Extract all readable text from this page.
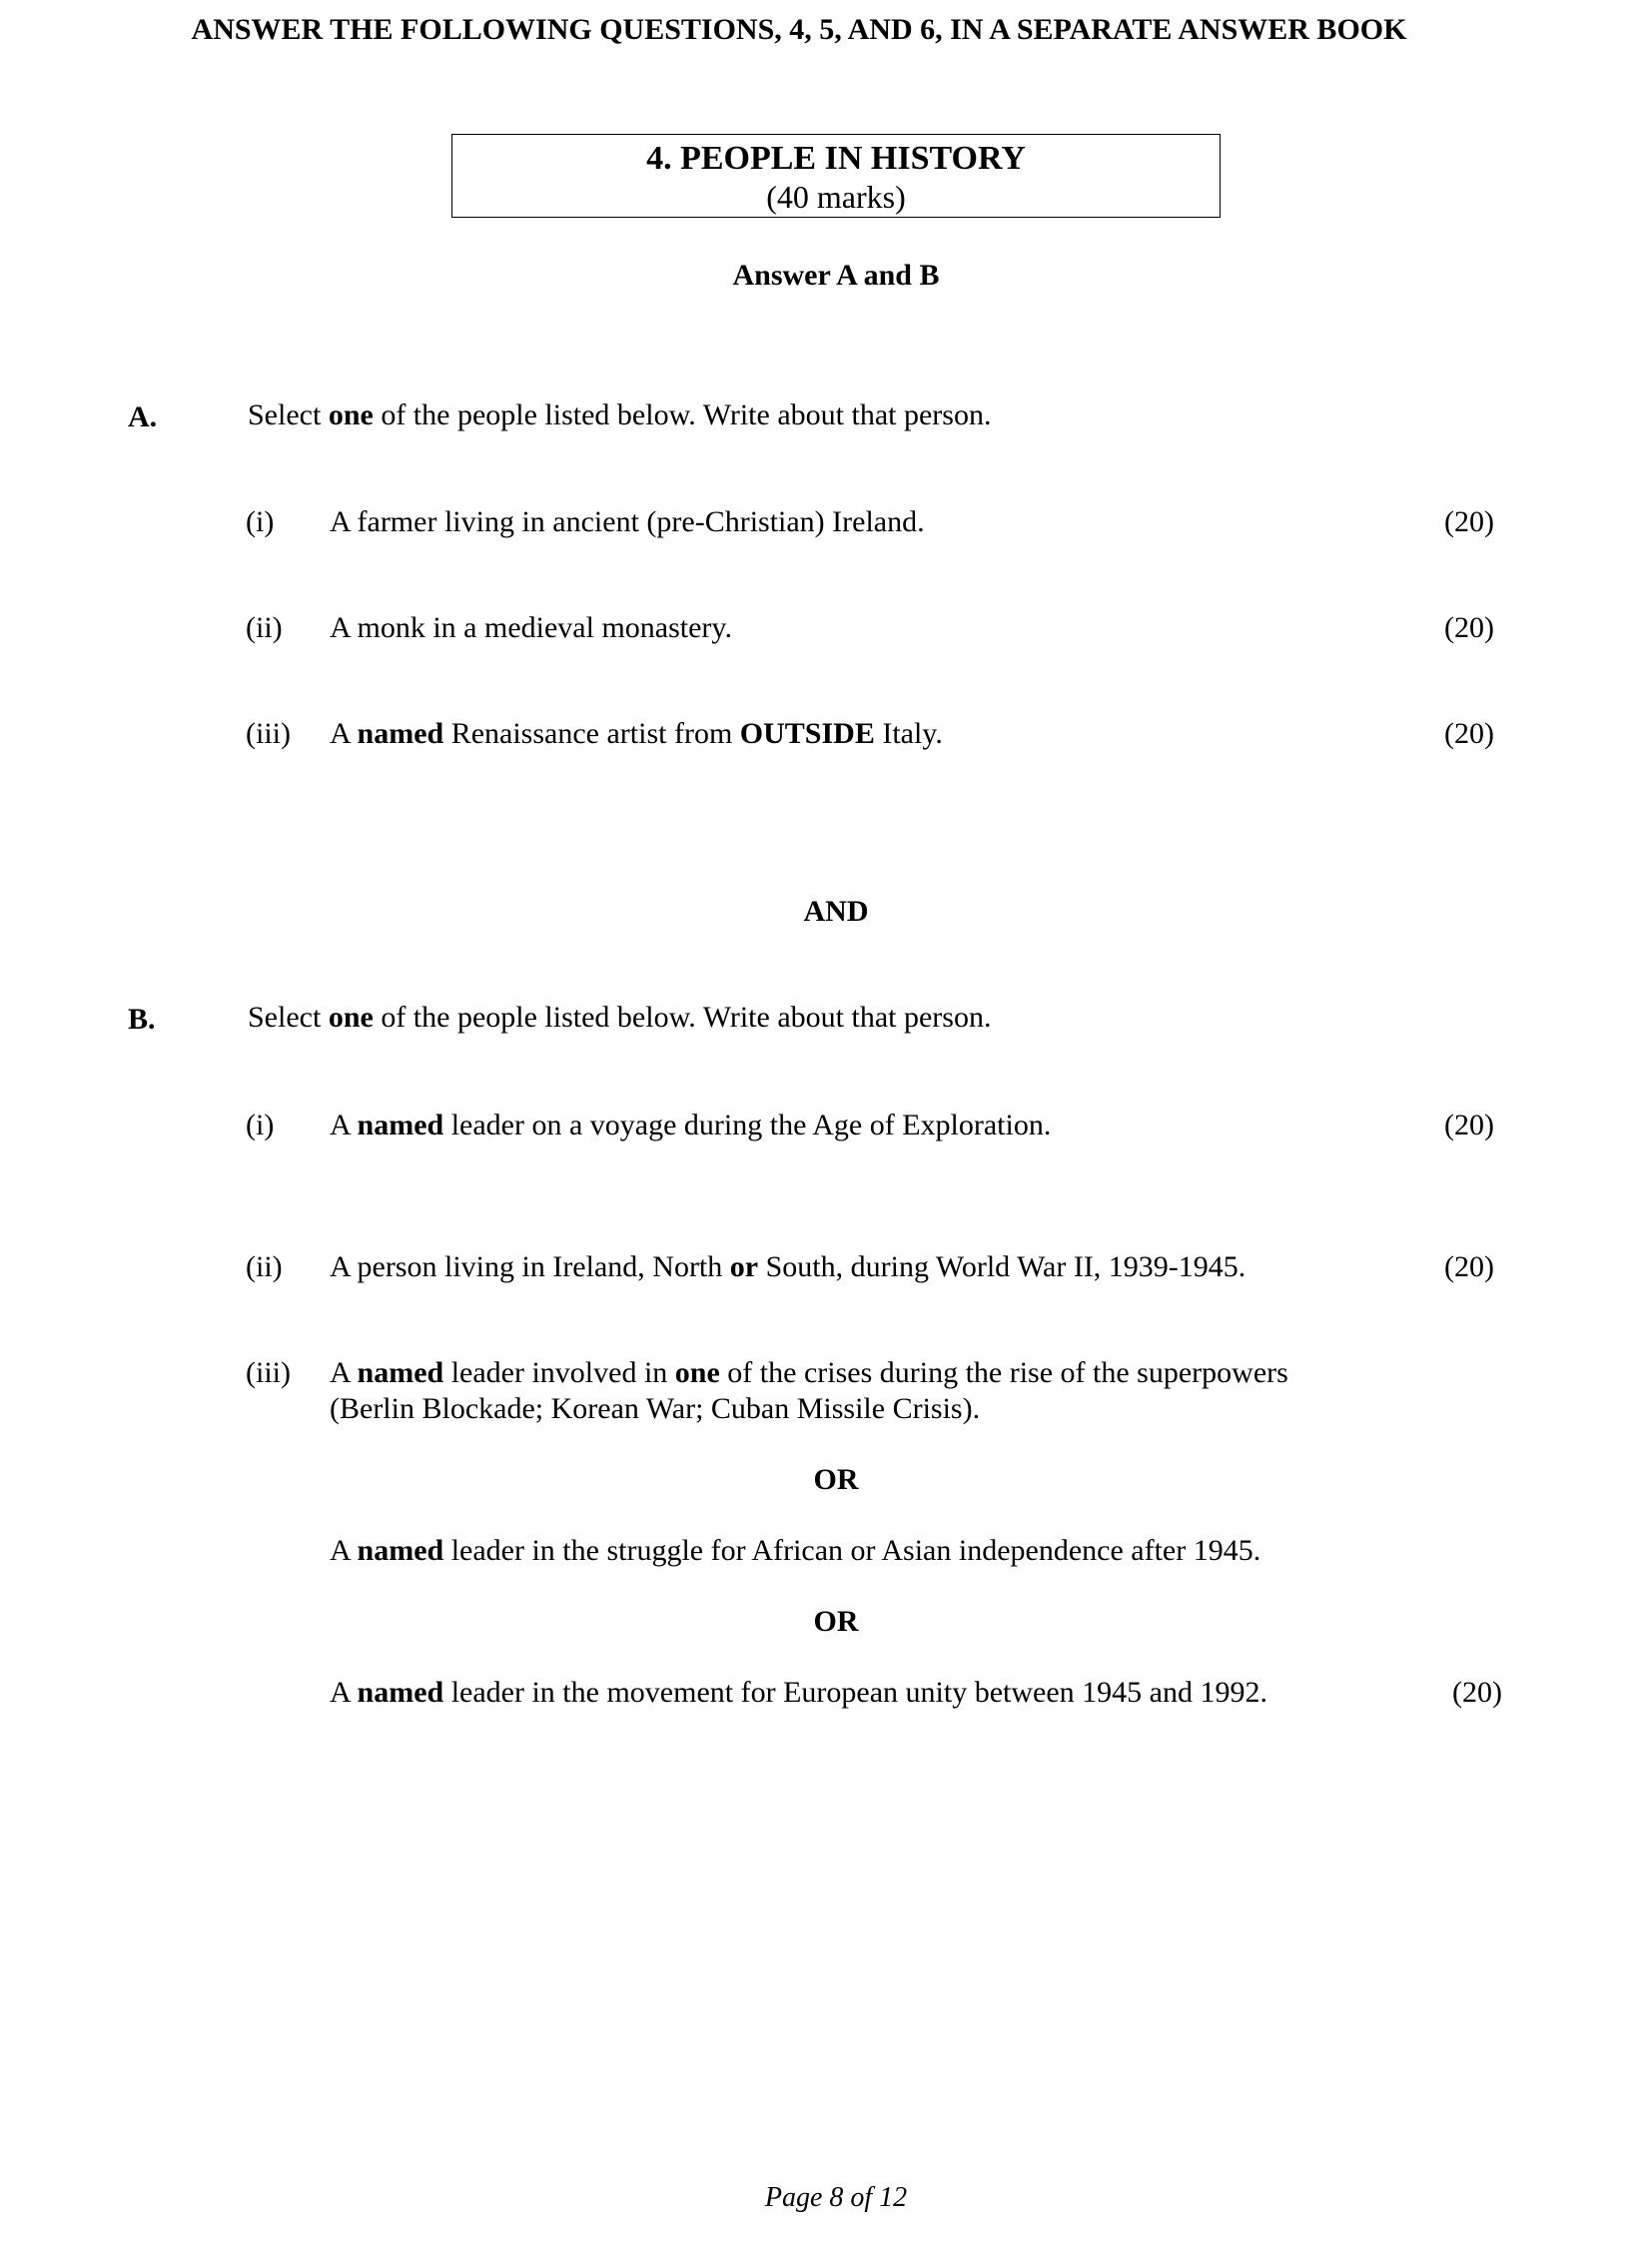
ANSWER THE FOLLOWING QUESTIONS, 4, 5, AND 6, IN A SEPARATE ANSWER BOOK
4. PEOPLE IN HISTORY
(40 marks)
Answer A and B
A.	Select one of the people listed below. Write about that person.
(i) A farmer living in ancient (pre-Christian) Ireland.	(20)
(ii) A monk in a medieval monastery.	(20)
(iii) A named Renaissance artist from OUTSIDE Italy.	(20)
AND
B.	Select one of the people listed below. Write about that person.
(i) A named leader on a voyage during the Age of Exploration.	(20)
(ii) A person living in Ireland, North or South, during World War II, 1939-1945.	(20)
(iii) A named leader involved in one of the crises during the rise of the superpowers
(Berlin Blockade; Korean War; Cuban Missile Crisis).
OR
A named leader in the struggle for African or Asian independence after 1945.
OR
A named leader in the movement for European unity between 1945 and 1992.	(20)
Page 8 of 12
